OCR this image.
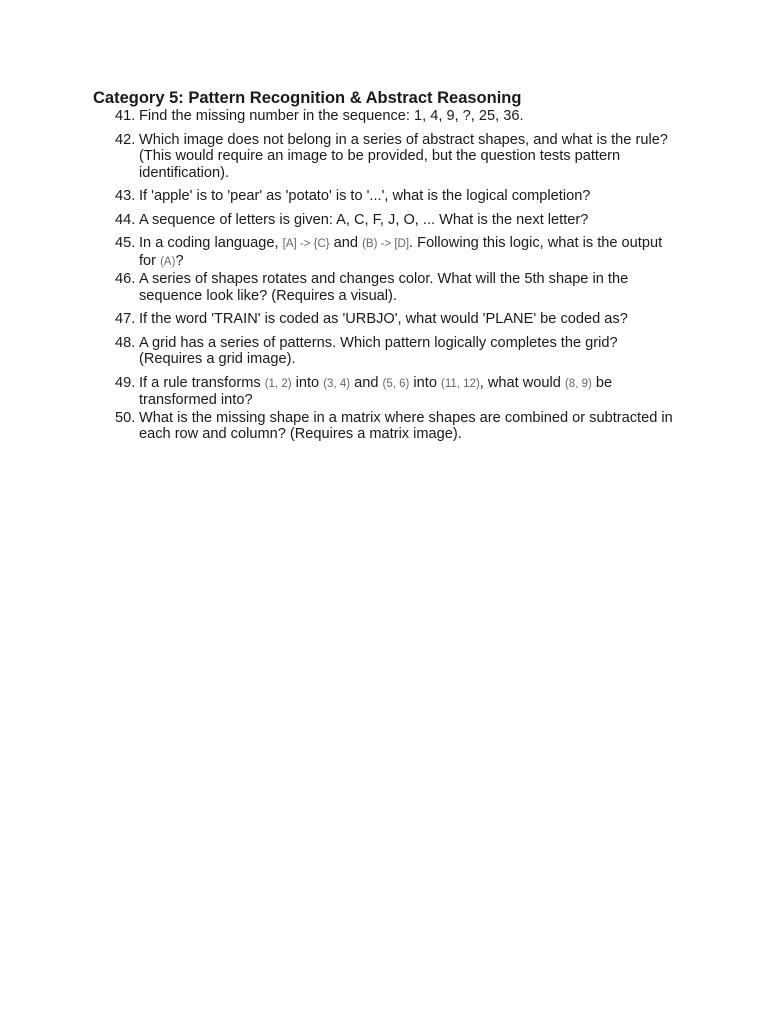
Category 5: Pattern Recognition & Abstract Reasoning
41. Find the missing number in the sequence: 1, 4, 9, ?, 25, 36.
42. Which image does not belong in a series of abstract shapes, and what is the rule? (This would require an image to be provided, but the question tests pattern identification).
43. If 'apple' is to 'pear' as 'potato' is to '...', what is the logical completion?
44. A sequence of letters is given: A, C, F, J, O, ... What is the next letter?
45. In a coding language, [A] -> {C} and (B) -> [D]. Following this logic, what is the output for (A)?
46. A series of shapes rotates and changes color. What will the 5th shape in the sequence look like? (Requires a visual).
47. If the word 'TRAIN' is coded as 'URBJO', what would 'PLANE' be coded as?
48. A grid has a series of patterns. Which pattern logically completes the grid? (Requires a grid image).
49. If a rule transforms (1, 2) into (3, 4) and (5, 6) into (11, 12), what would (8, 9) be transformed into?
50. What is the missing shape in a matrix where shapes are combined or subtracted in each row and column? (Requires a matrix image).
